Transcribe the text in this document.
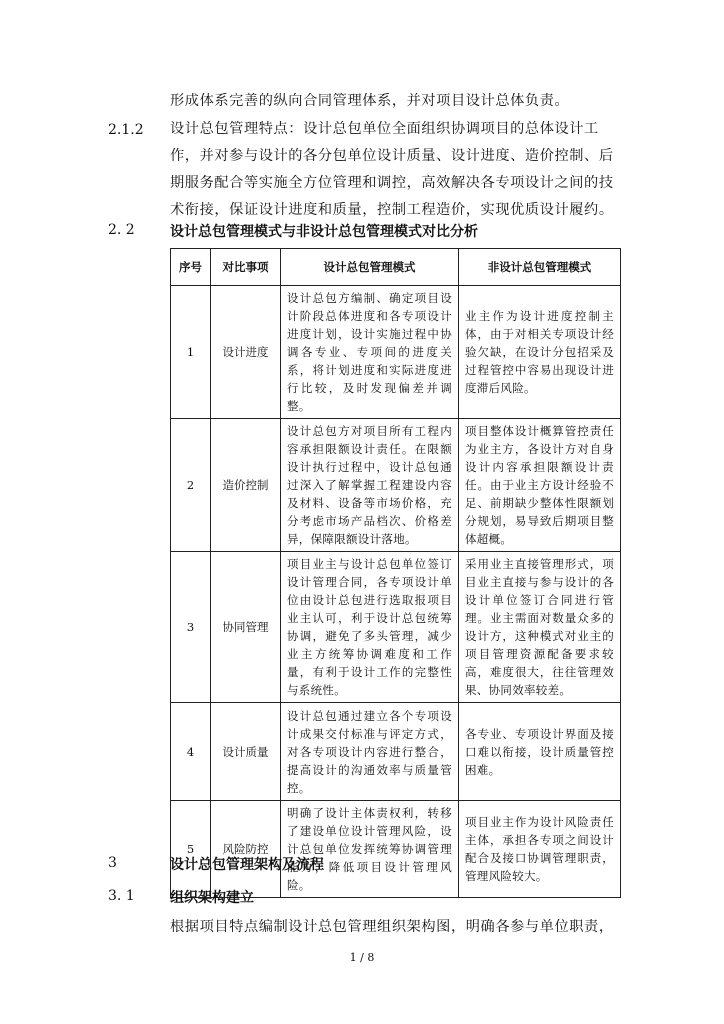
形成体系完善的纵向合同管理体系，并对项目设计总体负责。
2.1.2 设计总包管理特点：设计总包单位全面组织协调项目的总体设计工作，并对参与设计的各分包单位设计质量、设计进度、造价控制、后期服务配合等实施全方位管理和调控，高效解决各专项设计之间的技术衔接，保证设计进度和质量，控制工程造价，实现优质设计履约。
2. 2	设计总包管理模式与非设计总包管理模式对比分析
序号	对比事项	设计总包管理模式	非设计总包管理模式
1	设计进度	设计总包方编制、确定项目设计阶段总体进度和各专项设计进度计划，设计实施过程中协调各专业、专项间的进度关系，将计划进度和实际进度进行比较，及时发现偏差并调整。	业主作为设计进度控制主体，由于对相关专项设计经验欠缺，在设计分包招采及过程管控中容易出现设计进度滞后风险。
2	造价控制	设计总包方对项目所有工程内容承担限额设计责任。在限额设计执行过程中，设计总包通过深入了解掌握工程建设内容及材料、设备等市场价格，充分考虑市场产品档次、价格差异，保障限额设计落地。	项目整体设计概算管控责任为业主方，各设计方对自身设计内容承担限额设计责任。由于业主方设计经验不足、前期缺少整体性限额划分规划，易导致后期项目整体超概。
3	协同管理	项目业主与设计总包单位签订设计管理合同，各专项设计单位由设计总包进行选取报项目业主认可，利于设计总包统筹协调，避免了多头管理，减少业主方统筹协调难度和工作量，有利于设计工作的完整性与系统性。	采用业主直接管理形式，项目业主直接与参与设计的各设计单位签订合同进行管理。业主需面对数量众多的设计方，这种模式对业主的项目管理资源配备要求较高，难度很大，往往管理效果、协同效率较差。
4	设计质量	设计总包通过建立各个专项设计成果交付标准与评定方式，对各专项设计内容进行整合，提高设计的沟通效率与质量管控。	各专业、专项设计界面及接口难以衔接，设计质量管控困难。
5	风险防控	明确了设计主体责权利，转移了建设单位设计管理风险，设计总包单位发挥统筹协调管理能力，降低项目设计管理风险。	项目业主作为设计风险责任主体，承担各专项之间设计配合及接口协调管理职责，管理风险较大。
3	设计总包管理架构及流程
3. 1	组织架构建立
根据项目特点编制设计总包管理组织架构图，明确各参与单位职责，
1 / 8
